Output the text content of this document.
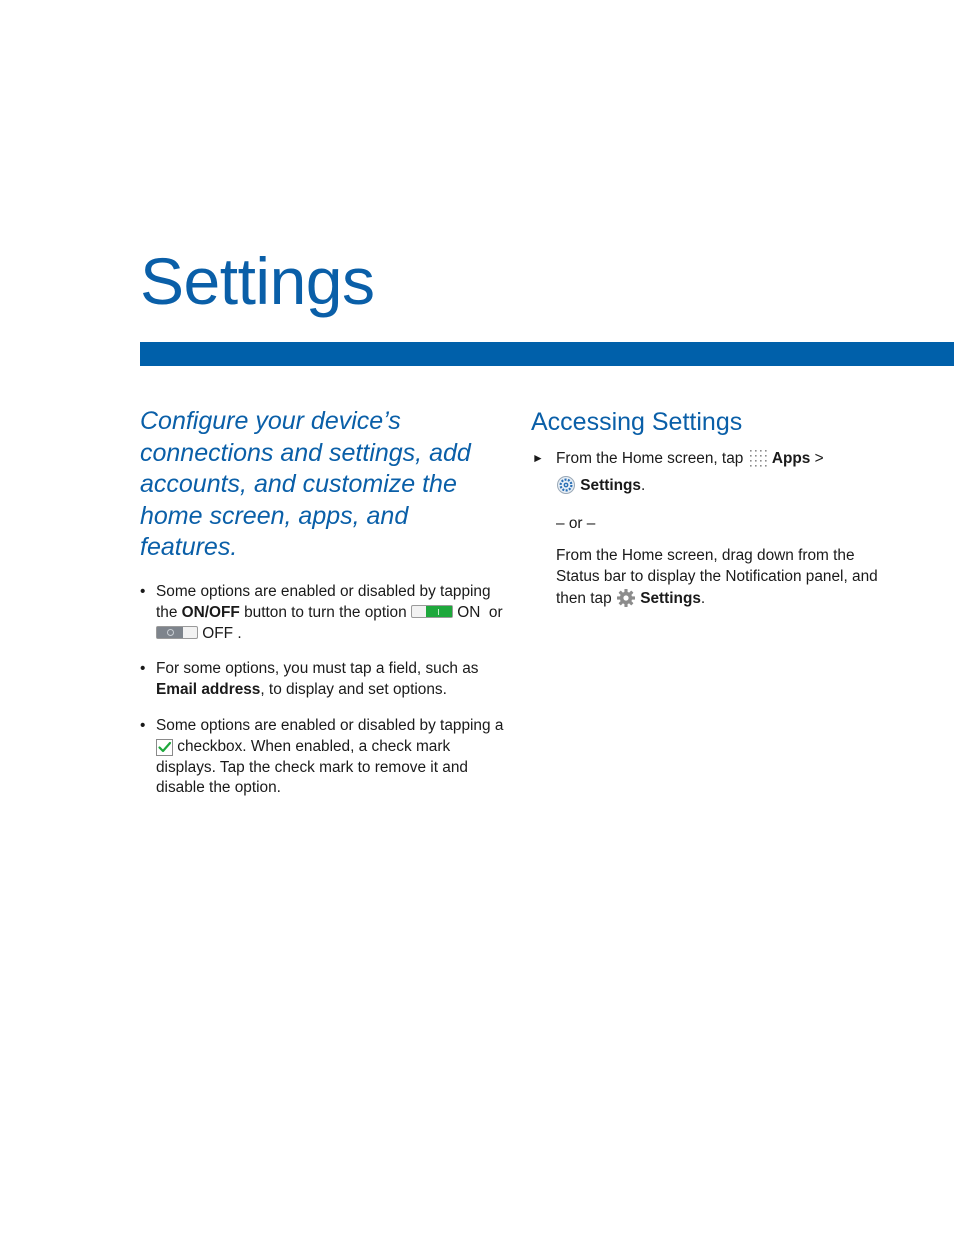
Settings

Configure your device’s connections and settings, add accounts, and customize the home screen, apps, and features.

• Some options are enabled or disabled by tapping the ON/OFF button to turn the option	ON or
OFF .
• For some options, you must tap a field, such as Email address, to display and set options.
• Some options are enabled or disabled by tapping a  checkbox. When enabled, a check mark displays. Tap the check mark to remove it and disable the option.
Accessing Settings
► From the Home screen, tap  Apps >
Settings.
– or –
From the Home screen, drag down from the Status bar to display the Notification panel, and then tap  Settings.
